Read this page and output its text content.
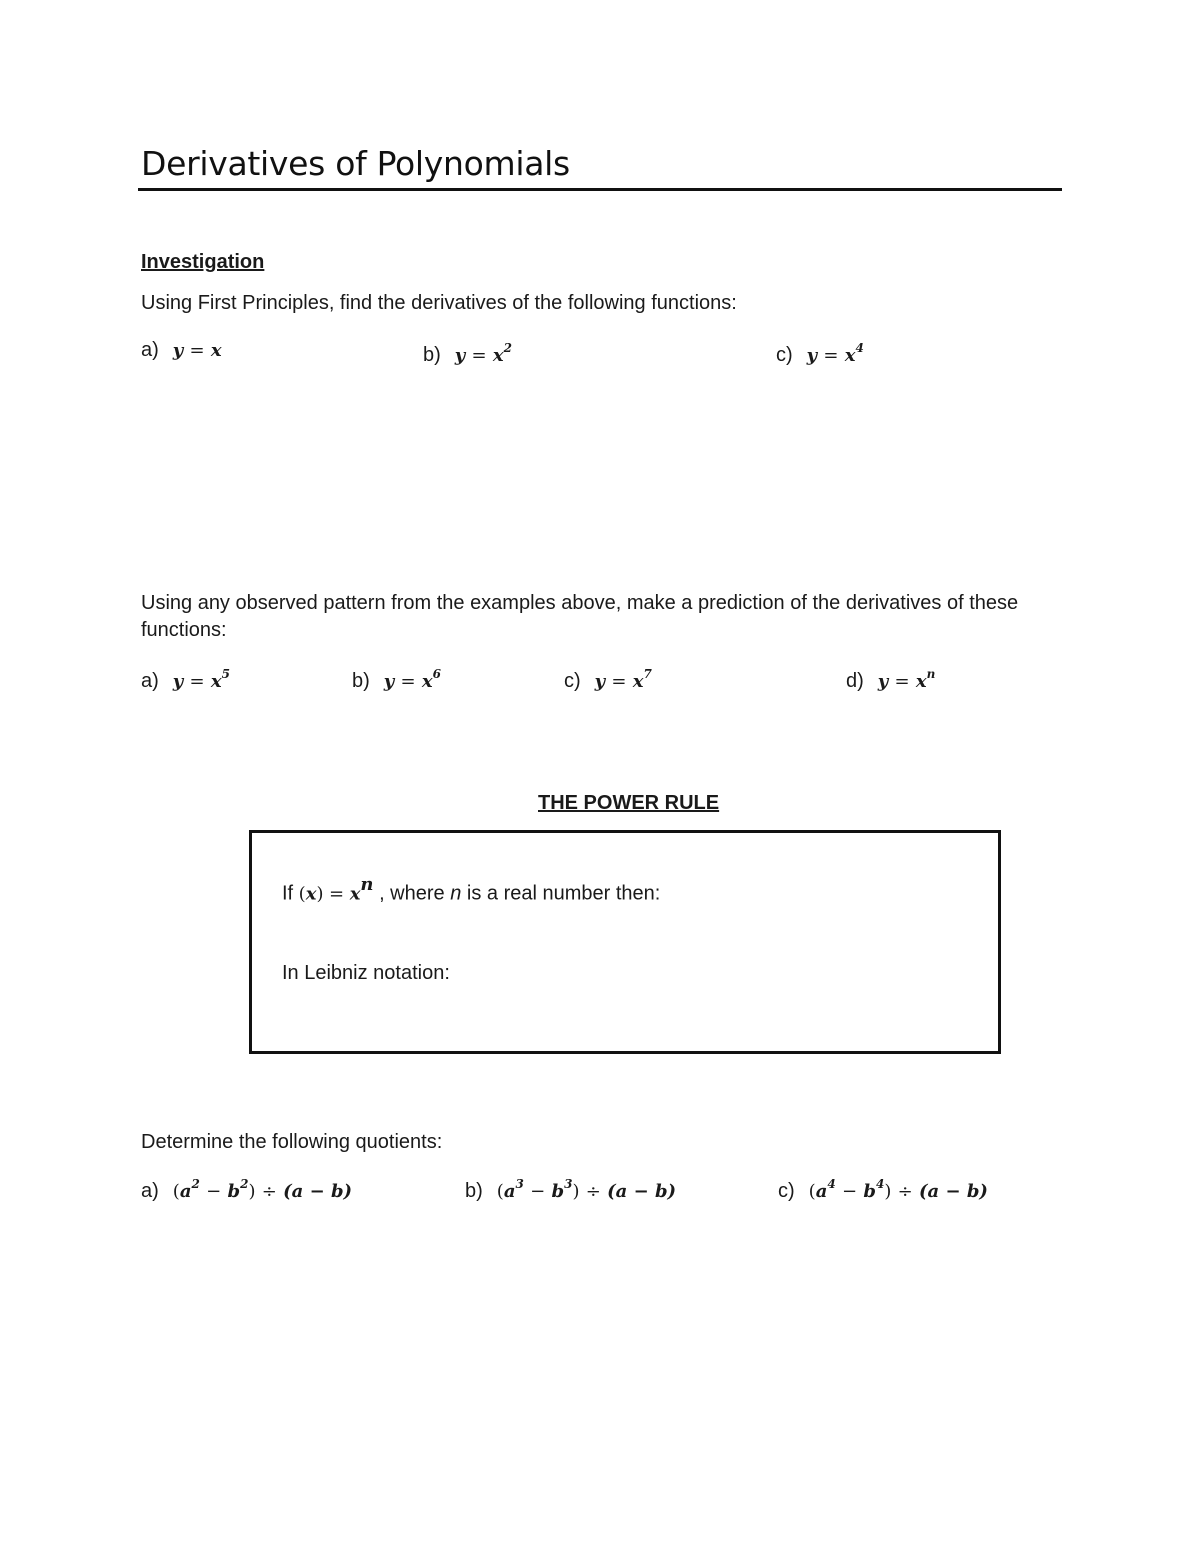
Derivatives of Polynomials
Investigation
Using First Principles, find the derivatives of the following functions:
a) y = x	b) $y = x^2$	c) $y = x^4$
Using any observed pattern from the examples above, make a prediction of the derivatives of these functions:
a) $y = x^5$	b) $y = x^6$	c) $y = x^7$	d) $y = x^n$
THE POWER RULE
If $(x) = x^n$ , where n is a real number then:
In Leibniz notation:
Determine the following quotients:
a) $(a^2 - b^2) \div (a - b)$	b) $(a^3 - b^3) \div (a - b)$	c) $(a^4 - b^4) \div (a - b)$
